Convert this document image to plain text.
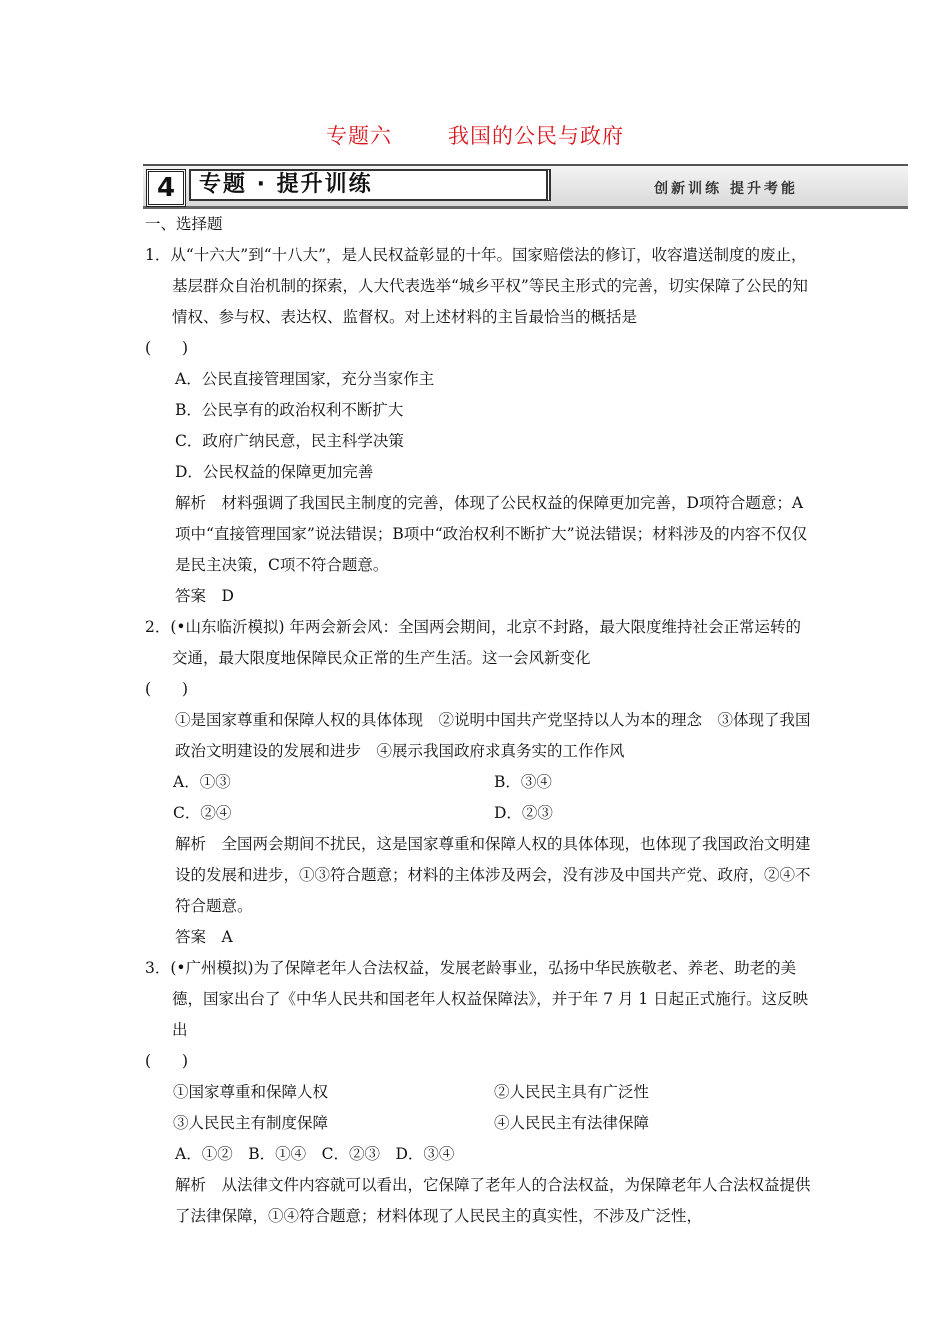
专题六	我国的公民与政府
4	专题 · 提升训练	创新训练 提升考能

一、选择题

1．从“十六大”到“十八大”，是人民权益彰显的十年。国家赔偿法的修订，收容遣送制度的废止，基层群众自治机制的探索，人大代表选举“城乡平权”等民主形式的完善，切实保障了公民的知情权、参与权、表达权、监督权。对上述材料的主旨最恰当的概括是

(　　)

A．公民直接管理国家，充分当家作主

B．公民享有的政治权利不断扩大

C．政府广纳民意，民主科学决策

D．公民权益的保障更加完善

解析　材料强调了我国民主制度的完善，体现了公民权益的保障更加完善，D项符合题意；A项中“直接管理国家”说法错误；B项中“政治权利不断扩大”说法错误；材料涉及的内容不仅仅是民主决策，C项不符合题意。

答案　D

2．(•山东临沂模拟) 年两会新会风：全国两会期间，北京不封路，最大限度维持社会正常运转的交通，最大限度地保障民众正常的生产生活。这一会风新变化

(　　)

①是国家尊重和保障人权的具体体现　②说明中国共产党坚持以人为本的理念　③体现了我国政治文明建设的发展和进步　④展示我国政府求真务实的工作作风

A．①③	B．③④
C．②④	D．②③

解析　全国两会期间不扰民，这是国家尊重和保障人权的具体体现，也体现了我国政治文明建设的发展和进步，①③符合题意；材料的主体涉及两会，没有涉及中国共产党、政府，②④不符合题意。

答案　A

3．(•广州模拟)为了保障老年人合法权益，发展老龄事业，弘扬中华民族敬老、养老、助老的美德，国家出台了《中华人民共和国老年人权益保障法》，并于年 7 月 1 日起正式施行。这反映出

(　　)

①国家尊重和保障人权	②人民民主具有广泛性
③人民民主有制度保障	④人民民主有法律保障

A．①②　B．①④　C．②③　D．③④

解析　从法律文件内容就可以看出，它保障了老年人的合法权益，为保障老年人合法权益提供了法律保障，①④符合题意；材料体现了人民民主的真实性，不涉及广泛性，
